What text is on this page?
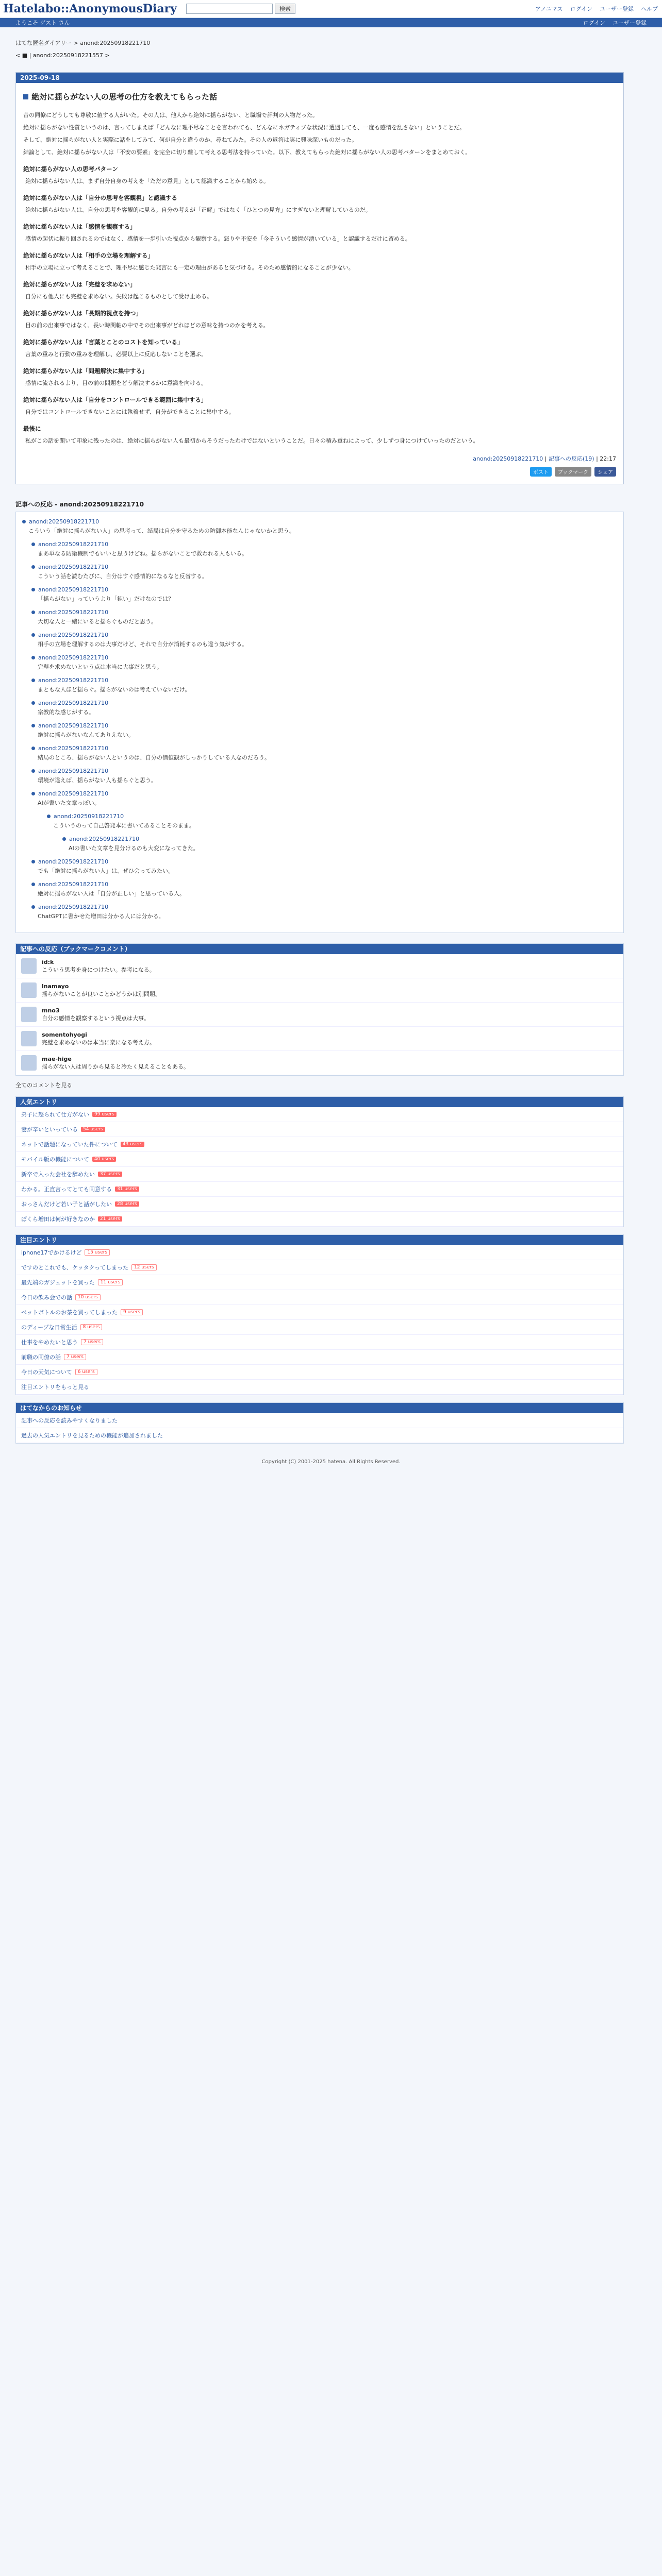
Hatelabo::AnonymousDiary	検索	アノニマス ログイン ユーザー登録 ヘルプ
ようこそ ゲスト さん	ログイン ユーザー登録
はてな匿名ダイアリー > anond:20250918221710
< ■ | anond:20250918221557 >
2025-09-18
絶対に揺らがない人の思考の仕方を教えてもらった話

昔の同僚にどうしても尊敬に値する人がいた。その人は、他人から絶対に揺らがない、と職場で評判の人物だった。

絶対に揺らがない性質というのは、言ってしまえば「どんなに理不尽なことを言われても、どんなにネガティブな状況に遭遇しても、一度も感情を乱さない」ということだ。

そして、絶対に揺らがない人と実際に話をしてみて、何が自分と違うのか、尋ねてみた。その人の返答は実に興味深いものだった。

結論として、絶対に揺らがない人は「不安の要素」を完全に切り離して考える思考法を持っていた。以下、教えてもらった絶対に揺らがない人の思考パターンをまとめておく。

絶対に揺らがない人の思考パターン

絶対に揺らがない人は、まず自分自身の考えを「ただの意見」として認識することから始める。

絶対に揺らがない人は「自分の思考を客観視」と認識する

絶対に揺らがない人は、自分の思考を客観的に見る。自分の考えが「正解」ではなく「ひとつの見方」にすぎないと理解しているのだ。

絶対に揺らがない人は「感情を観察する」

感情の起伏に振り回されるのではなく、感情を一歩引いた視点から観察する。怒りや不安を「今そういう感情が湧いている」と認識するだけに留める。

絶対に揺らがない人は「相手の立場を理解する」

相手の立場に立って考えることで、理不尽に感じた発言にも一定の理由があると気づける。そのため感情的になることが少ない。

絶対に揺らがない人は「完璧を求めない」

自分にも他人にも完璧を求めない。失敗は起こるものとして受け止める。

絶対に揺らがない人は「長期的視点を持つ」

目の前の出来事ではなく、長い時間軸の中でその出来事がどれほどの意味を持つのかを考える。

絶対に揺らがない人は「言葉とことのコストを知っている」

言葉の重みと行動の重みを理解し、必要以上に反応しないことを選ぶ。

絶対に揺らがない人は「問題解決に集中する」

感情に流されるより、目の前の問題をどう解決するかに意識を向ける。

絶対に揺らがない人は「自分をコントロールできる範囲に集中する」

自分ではコントロールできないことには執着せず、自分ができることに集中する。

最後に

私がこの話を聞いて印象に残ったのは、絶対に揺らがない人も最初からそうだったわけではないということだ。日々の積み重ねによって、少しずつ身につけていったのだという。

anond:20250918221710 | 記事への反応(19) | 22:17
ポスト	ブックマーク	シェア
記事への反応 - anond:20250918221710
anond:20250918221710
こういう「絶対に揺らがない人」の思考って、結局は自分を守るための防御本能なんじゃないかと思う。
anond:20250918221710
まあ単なる防衛機制でもいいと思うけどね。揺らがないことで救われる人もいる。
anond:20250918221710
こういう話を読むたびに、自分はすぐ感情的になるなと反省する。
anond:20250918221710
「揺らがない」っていうより「鈍い」だけなのでは？
anond:20250918221710
大切な人と一緒にいると揺らぐものだと思う。
anond:20250918221710
相手の立場を理解するのは大事だけど、それで自分が消耗するのも違う気がする。
anond:20250918221710
完璧を求めないという点は本当に大事だと思う。
anond:20250918221710
まともな人ほど揺らぐ。揺らがないのは考えていないだけ。
anond:20250918221710
宗教的な感じがする。
anond:20250918221710
絶対に揺らがないなんてありえない。
anond:20250918221710
結局のところ、揺らがない人というのは、自分の価値観がしっかりしている人なのだろう。
anond:20250918221710
環境が違えば、揺らがない人も揺らぐと思う。
anond:20250918221710
AIが書いた文章っぽい。
anond:20250918221710
こういうのって自己啓発本に書いてあることそのまま。
anond:20250918221710
AIの書いた文章を見分けるのも大変になってきた。
anond:20250918221710
でも「絶対に揺らがない人」は、ぜひ会ってみたい。
anond:20250918221710
絶対に揺らがない人は「自分が正しい」と思っている人。
anond:20250918221710
ChatGPTに書かせた増田は分かる人には分かる。
記事への反応（ブックマークコメント）
id:k
こういう思考を身につけたい。参考になる。
lnamayo
揺らがないことが良いことかどうかは別問題。
mno3
自分の感情を観察するという視点は大事。
somentohyogi
完璧を求めないのは本当に楽になる考え方。
mae-hige
揺らがない人は周りから見ると冷たく見えることもある。
全てのコメントを見る
人気エントリ
弟子に怒られて仕方がない	99 users
妻が辛いといっている	54 users
ネットで話題になっていた件について	43 users
モバイル版の機能について	40 users
新卒で入った会社を辞めたい	37 users
わかる。正直言ってとても同意する	31 users
おっさんだけど若い子と話がしたい	28 users
ぼくら増田は何が好きなのか	21 users
注目エントリ
iphone17でかけるけど	15 users
ですのとこれでも、ケッタクってしまった	12 users
最先端のガジェットを買った	11 users
今日の飲み会での話	10 users
ペットボトルのお茶を買ってしまった	9 users
のディープな日常生活	8 users
仕事をやめたいと思う	7 users
前職の同僚の話	7 users
今日の天気について	6 users
注目エントリをもっと見る
はてなからのお知らせ
記事への反応を読みやすくなりました
過去の人気エントリを見るための機能が追加されました
Copyright (C) 2001-2025 hatena. All Rights Reserved.
